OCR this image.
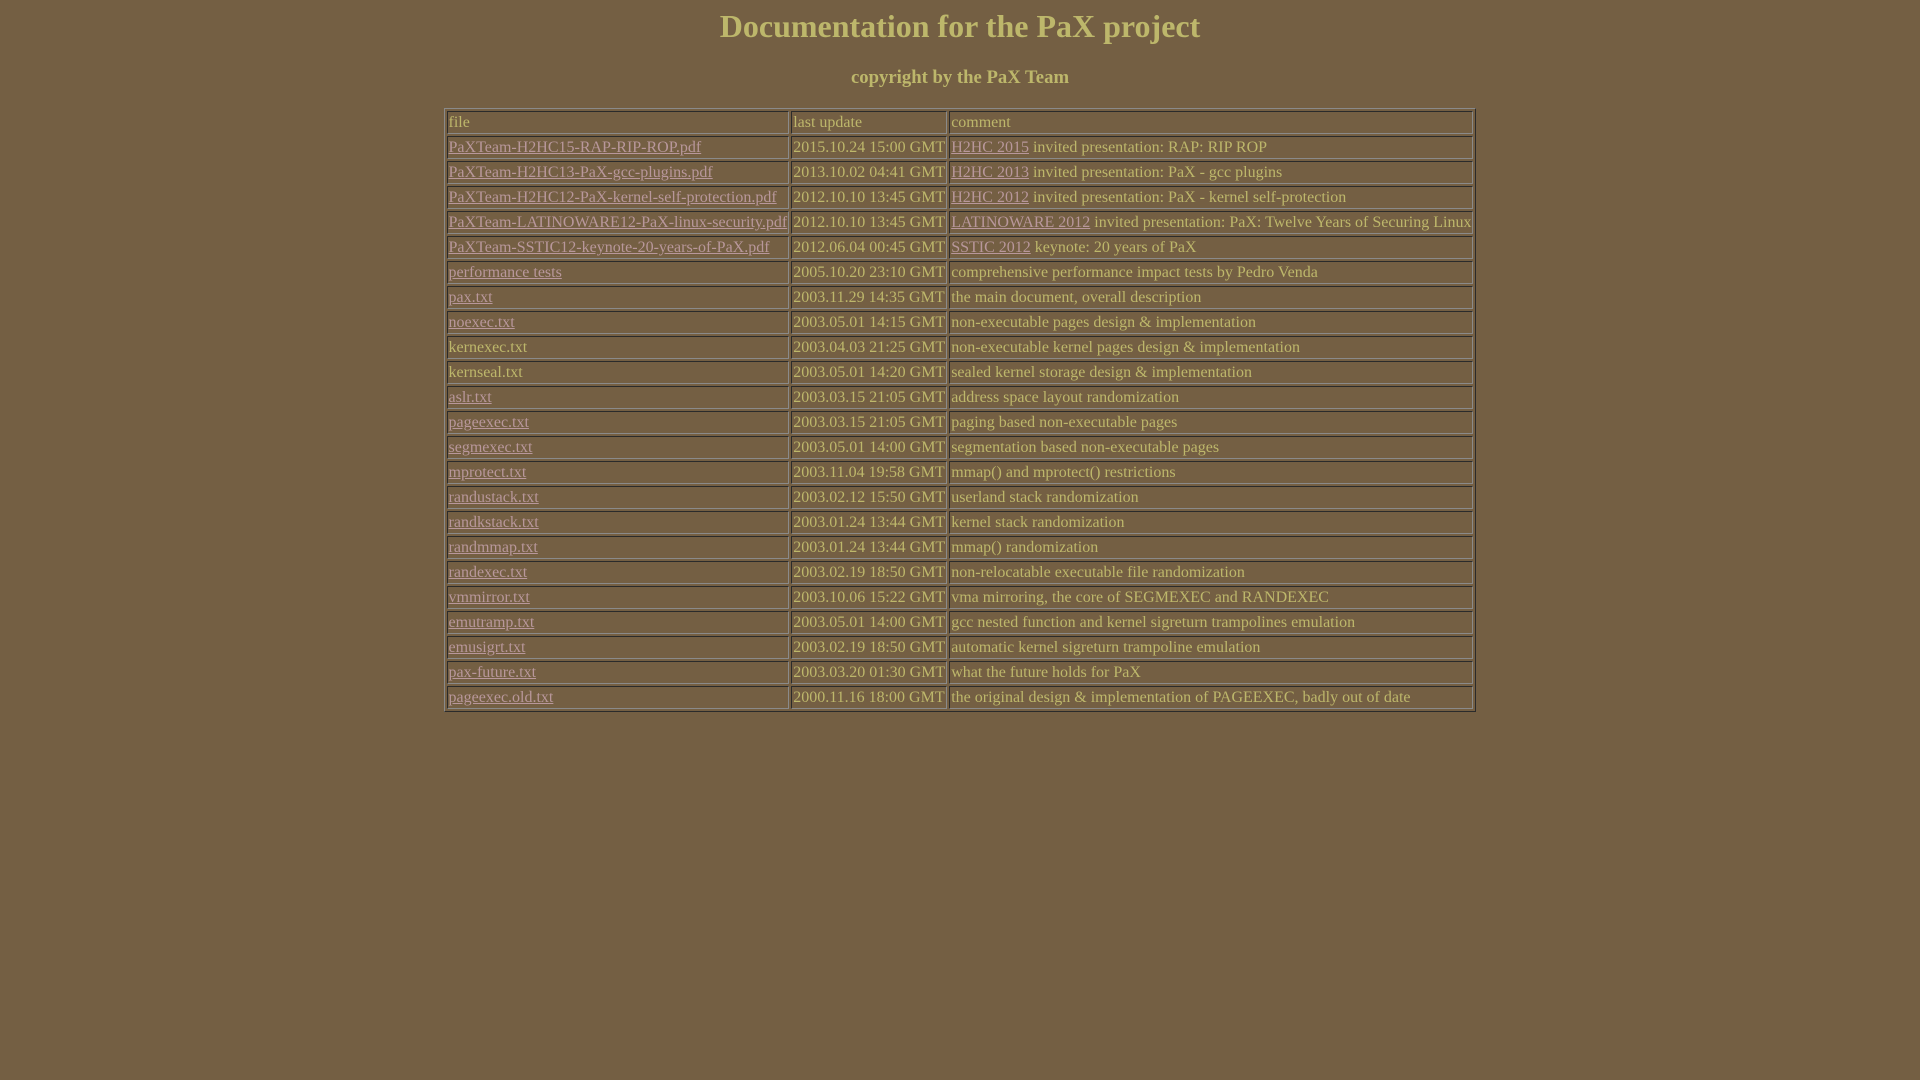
Documentation for the PaX project
copyright by the PaX Team
file	last update	comment
PaXTeam-H2HC15-RAP-RIP-ROP.pdf	2015.10.24 15:00 GMT	H2HC 2015 invited presentation: RAP: RIP ROP
PaXTeam-H2HC13-PaX-gcc-plugins.pdf	2013.10.02 04:41 GMT	H2HC 2013 invited presentation: PaX - gcc plugins
PaXTeam-H2HC12-PaX-kernel-self-protection.pdf	2012.10.10 13:45 GMT	H2HC 2012 invited presentation: PaX - kernel self-protection
PaXTeam-LATINOWARE12-PaX-linux-security.pdf	2012.10.10 13:45 GMT	LATINOWARE 2012 invited presentation: PaX: Twelve Years of Securing Linux
PaXTeam-SSTIC12-keynote-20-years-of-PaX.pdf	2012.06.04 00:45 GMT	SSTIC 2012 keynote: 20 years of PaX
performance tests	2005.10.20 23:10 GMT	comprehensive performance impact tests by Pedro Venda
pax.txt	2003.11.29 14:35 GMT	the main document, overall description
noexec.txt	2003.05.01 14:15 GMT	non-executable pages design & implementation
kernexec.txt	2003.04.03 21:25 GMT	non-executable kernel pages design & implementation
kernseal.txt	2003.05.01 14:20 GMT	sealed kernel storage design & implementation
aslr.txt	2003.03.15 21:05 GMT	address space layout randomization
pageexec.txt	2003.03.15 21:05 GMT	paging based non-executable pages
segmexec.txt	2003.05.01 14:00 GMT	segmentation based non-executable pages
mprotect.txt	2003.11.04 19:58 GMT	mmap() and mprotect() restrictions
randustack.txt	2003.02.12 15:50 GMT	userland stack randomization
randkstack.txt	2003.01.24 13:44 GMT	kernel stack randomization
randmmap.txt	2003.01.24 13:44 GMT	mmap() randomization
randexec.txt	2003.02.19 18:50 GMT	non-relocatable executable file randomization
vmmirror.txt	2003.10.06 15:22 GMT	vma mirroring, the core of SEGMEXEC and RANDEXEC
emutramp.txt	2003.05.01 14:00 GMT	gcc nested function and kernel sigreturn trampolines emulation
emusigrt.txt	2003.02.19 18:50 GMT	automatic kernel sigreturn trampoline emulation
pax-future.txt	2003.03.20 01:30 GMT	what the future holds for PaX
pageexec.old.txt	2000.11.16 18:00 GMT	the original design & implementation of PAGEEXEC, badly out of date
